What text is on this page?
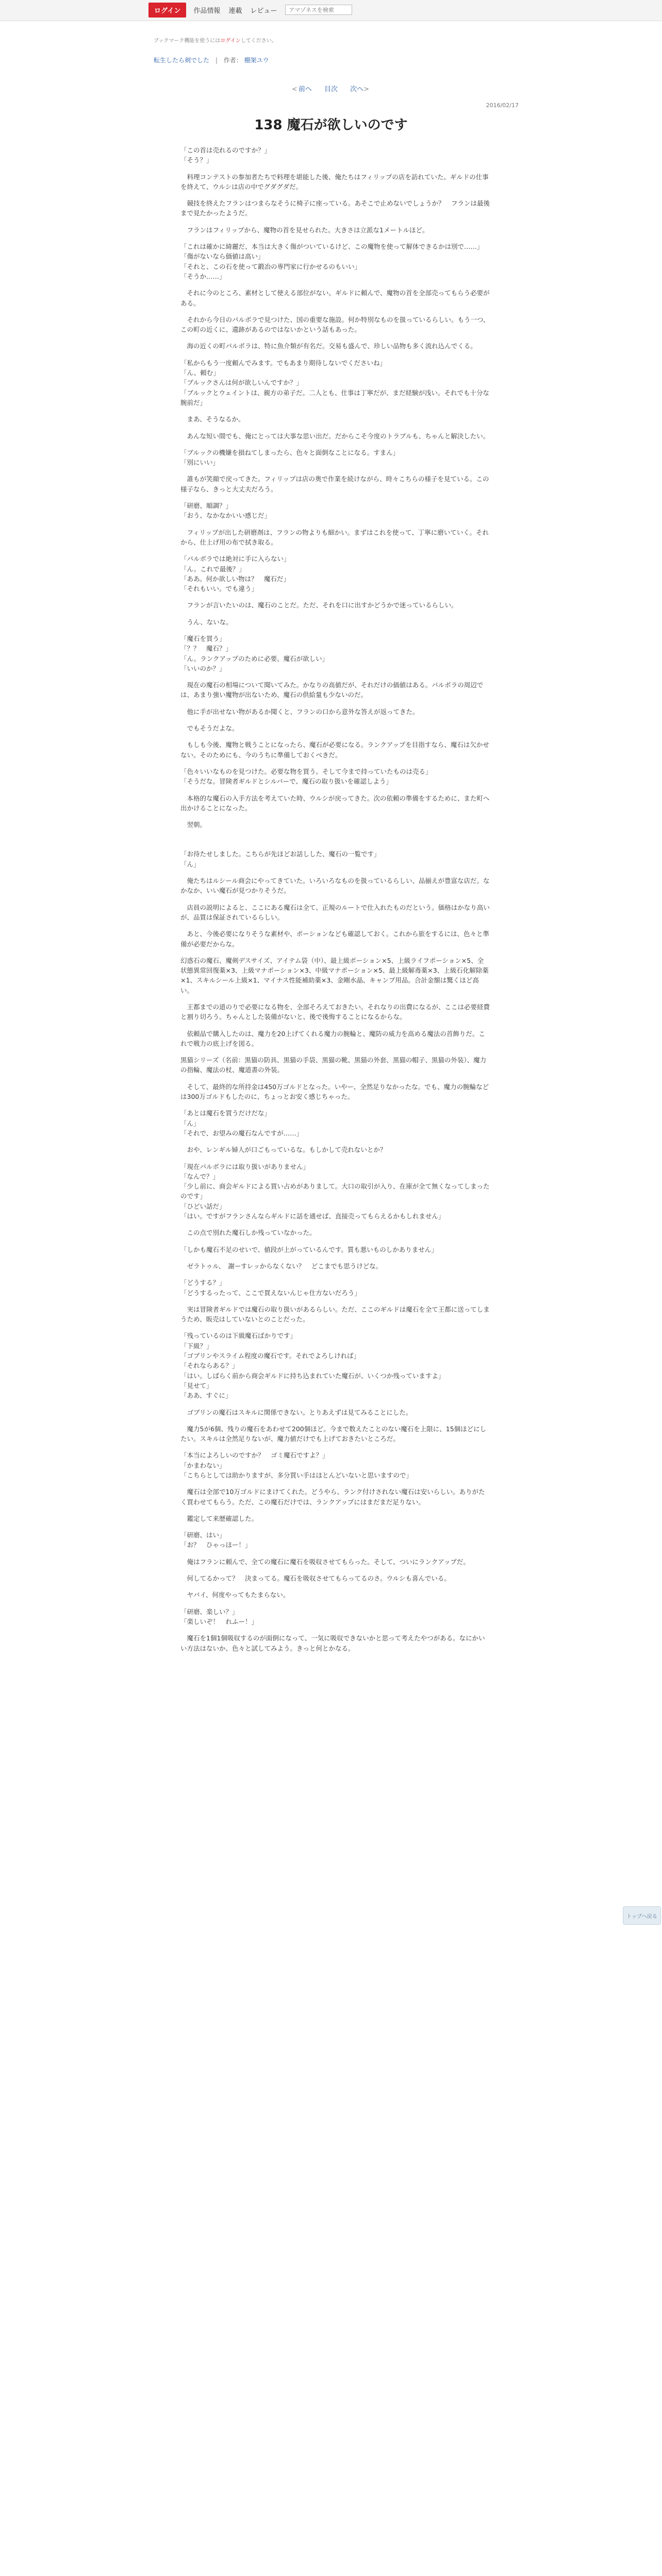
ログイン	作品情報 連載 レビュー
アマゾネスを検索
ブックマーク機能を使うにはログインしてください。
転生したら剣でした | 作者： 棚架ユウ
< 前へ 目次 次へ>
2016/02/17
138 魔石が欲しいのです

「この首は売れるのですか？」
「そう？」

　料理コンテストの参加者たちで料理を堪能した後、俺たちはフィリップの店を訪れていた。ギルドの仕事を終えて、ウルシは店の中でグダグダだ。

　競技を終えたフランはつまらなそうに椅子に座っている。あそこで止めないでしょうか？　フランは最後まで見たかったようだ。

　フランはフィリップから、魔物の首を見せられた。大きさは立派な1メートルほど。

「これは確かに綺麗だ、本当は大きく傷がついているけど、この魔物を使って解体できるかは別で……」
「傷がないなら価値は高い」
「それと、この石を使って鍛冶の専門家に行かせるのもいい」
「そうか……」

　それに今のところ、素材として使える部位がない。ギルドに頼んで、魔物の首を全部売ってもらう必要がある。

　それから今日のパルボラで見つけた、国の重要な施設。何か特別なものを扱っているらしい。もう一つ、この町の近くに、遺跡があるのではないかという話もあった。

　海の近くの町パルボラは、特に魚介類が有名だ。交易も盛んで、珍しい品物も多く流れ込んでくる。

「私からもう一度頼んでみます。でもあまり期待しないでくださいね」
「ん、頼む」
「ブルックさんは何が欲しいんですか？」
「ブルックとウェイントは、親方の弟子だ。二人とも、仕事は丁寧だが、まだ経験が浅い。それでも十分な腕前だ」

　まあ、そうなるか。

　あんな短い間でも、俺にとっては大事な思い出だ。だからこそ今度のトラブルも、ちゃんと解決したい。

「ブルックの機嫌を損ねてしまったら、色々と面倒なことになる。すまん」
「別にいい」

　誰もが笑顔で戻ってきた。フィリップは店の奥で作業を続けながら、時々こちらの様子を見ている。この様子なら、きっと大丈夫だろう。

「研磨、順調？」
「おう、なかなかいい感じだ」

　フィリップが出した研磨剤は、フランの物よりも細かい。まずはこれを使って、丁寧に磨いていく。それから、仕上げ用の布で拭き取る。

「パルボラでは絶対に手に入らない」
「ん。これで最後？」
「ああ。何か欲しい物は？　魔石だ」
「それもいい。でも違う」

　フランが言いたいのは、魔石のことだ。ただ、それを口に出すかどうかで迷っているらしい。

　うん、ないな。

「魔石を買う」
「？？　魔石？」
「ん。ランクアップのために必要。魔石が欲しい」
「いいのか？」

　現在の魔石の相場について聞いてみた。かなりの高値だが、それだけの価値はある。パルボラの周辺では、あまり強い魔物が出ないため、魔石の供給量も少ないのだ。

　他に手が出せない物があるか聞くと、フランの口から意外な答えが返ってきた。

　でもそうだよな。

　もしも今後、魔物と戦うことになったら、魔石が必要になる。ランクアップを目指すなら、魔石は欠かせない。そのためにも、今のうちに準備しておくべきだ。

「色々いいなものを見つけた。必要な物を買う。そして今まで持っていたものは売る」
「そうだな。冒険者ギルドとシルバーで、魔石の取り扱いを確認しよう」

　本格的な魔石の入手方法を考えていた時、ウルシが戻ってきた。次の依頼の準備をするために、また町へ出かけることになった。

　翌朝。

「お待たせしました。こちらが先ほどお話しした、魔石の一覧です」
「ん」

　俺たちはルシール商会にやってきていた。いろいろなものを扱っているらしい、品揃えが豊富な店だ。なかなか、いい魔石が見つかりそうだ。

　店員の説明によると、ここにある魔石は全て、正規のルートで仕入れたものだという。価格はかなり高いが、品質は保証されているらしい。

　あと、今後必要になりそうな素材や、ポーションなども確認しておく。これから旅をするには、色々と準備が必要だからな。

幻惑石の魔石、魔剣デスサイズ、アイテム袋（中）、最上級ポーション×5、上級ライフポーション×5、全状態異常回復薬×3、上級マナポーション×3、中級マナポーション×5、最上級解毒薬×3、上級石化解除薬×1、スキルシール上級×1、マイナス性能補助薬×3、金剛水晶、キャンプ用品。合計金額は驚くほど高い。

　王都までの道のりで必要になる物を、全部そろえておきたい。それなりの出費になるが、ここは必要経費と割り切ろう。ちゃんとした装備がないと、後で後悔することになるからな。

　依頼品で購入したのは、魔力を20上げてくれる魔力の腕輪と、魔防の威力を高める魔法の首飾りだ。これで戦力の底上げを図る。

黒猫シリーズ（名前：黒猫の防具、黒猫の手袋、黒猫の靴、黒猫の外套、黒猫の帽子、黒猫の外装）、魔力の指輪、魔法の杖、魔道書の外装。

　そして、最終的な所持金は450万ゴルドとなった。いやー、全然足りなかったな。でも、魔力の腕輪などは300万ゴルドもしたのに、ちょっとお安く感じちゃった。

「あとは魔石を買うだけだな」
「ん」
「それで、お望みの魔石なんですが……」

　おや、レンギル婦人が口ごもっているな。もしかして売れないとか？

「現在パルボラには取り扱いがありません」
「なんで？」
「少し前に、商会ギルドによる買い占めがありまして。大口の取引が入り、在庫が全て無くなってしまったのです」
「ひどい話だ」
「はい。ですがフランさんならギルドに話を通せば、直接売ってもらえるかもしれません」

　この点で別れた魔石しか残っていなかった。

「しかも魔石不足のせいで、値段が上がっているんです。質も悪いものしかありません」

　ゼラトゥル、　謝ーすレッからなくない？　どこまでも思うけどな。

「どうする？」
「どうするったって、ここで買えないんじゃ仕方ないだろう」

　実は冒険者ギルドでは魔石の取り扱いがあるらしい。ただ、ここのギルドは魔石を全て王都に送ってしまうため、販売はしていないとのことだった。

「残っているのは下級魔石ばかりです」
「下級？」
「ゴブリンやスライム程度の魔石です。それでよろしければ」
「それならある？」
「はい。しばらく前から商会ギルドに持ち込まれていた魔石が、いくつか残っていますよ」
「見せて」
「ああ、すぐに」

　ゴブリンの魔石はスキルに関係できない。とりあえずは見てみることにした。

　魔力5が6個、残りの魔石をあわせて200個ほど。今まで数えたことのない魔石を上限に、15個ほどにしたい。スキルは全然足りないが、魔力値だけでも上げておきたいところだ。

「本当によろしいのですか？　ゴミ魔石ですよ？」
「かまわない」
「こちらとしては助かりますが、多分買い手はほとんどいないと思いますので」

　魔石は全部で10万ゴルドにまけてくれた。どうやら、ランク付けされない魔石は安いらしい。ありがたく買わせてもらう。ただ、この魔石だけでは、ランクアップにはまだまだ足りない。

　鑑定して来歴確認した。

「研磨、はい」
「お？　ひゃっほー！」

　俺はフランに頼んで、全ての魔石に魔石を吸収させてもらった。そして、ついにランクアップだ。

　何してるかって？　決まってる。魔石を吸収させてもらってるのさ。ウルシも喜んでいる。

　ヤバイ、何度やってもたまらない。

「研磨、楽しい？」
「楽しいぞ！　れふー！」

　魔石を1個1個吸収するのが面倒になって、一気に吸収できないかと思って考えたやつがある。なにかいい方法はないか、色々と試してみよう。きっと何とかなる。

トップへ戻る
